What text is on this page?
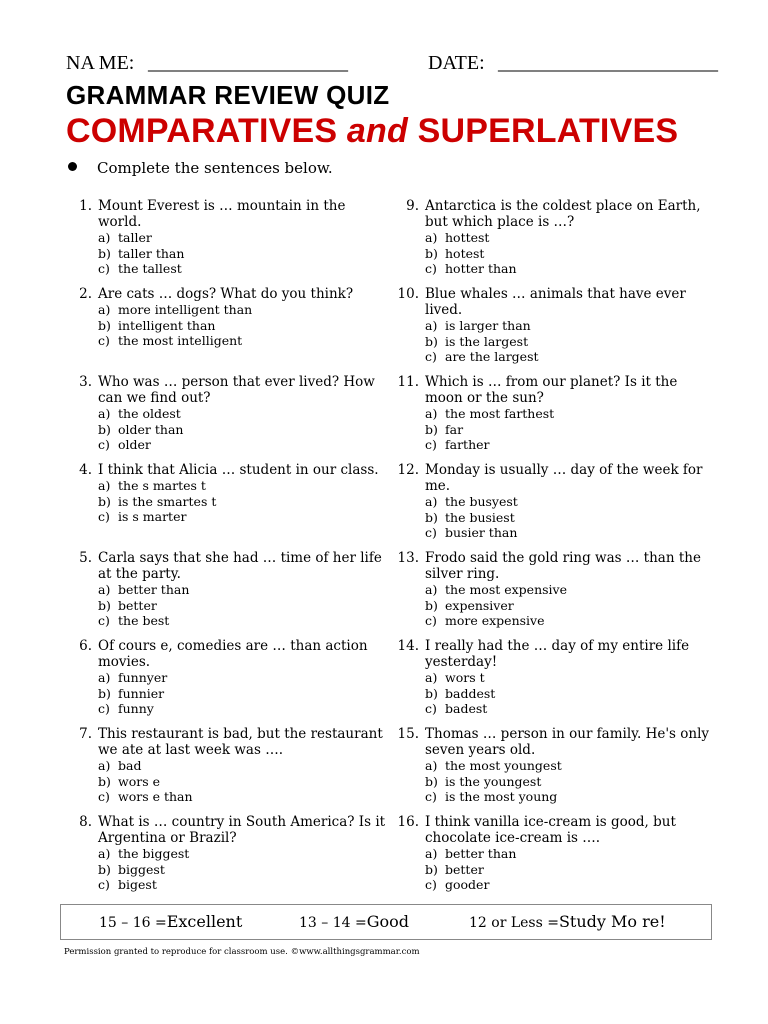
NA ME: ____________________	DATE: ______________________
GRAMMAR REVIEW QUIZ
COMPARATIVES and SUPERLATIVES
Complete the sentences below.
1. Mount Everest is … mountain in the world.
a) taller
b) taller than
c) the tallest
2. Are cats … dogs? What do you think?
a) more intelligent than
b) intelligent than
c) the most intelligent
3. Who was … person that ever lived? How can we find out?
a) the oldest
b) older than
c) older
4. I think that Alicia … student in our class.
a) the s martes t
b) is the smartes t
c) is s marter
5. Carla says that she had … time of her life at the party.
a) better than
b) better
c) the best
6. Of cours e, comedies are … than action movies.
a) funnyer
b) funnier
c) funny
7. This restaurant is bad, but the restaurant we ate at last week was ….
a) bad
b) wors e
c) wors e than
8. What is … country in South America? Is it Argentina or Brazil?
a) the biggest
b) biggest
c) bigest
9. Antarctica is the coldest place on Earth, but which place is …?
a) hottest
b) hotest
c) hotter than
10. Blue whales … animals that have ever lived.
a) is larger than
b) is the largest
c) are the largest
11. Which is … from our planet? Is it the moon or the sun?
a) the most farthest
b) far
c) farther
12. Monday is usually … day of the week for me.
a) the busyest
b) the busiest
c) busier than
13. Frodo said the gold ring was … than the silver ring.
a) the most expensive
b) expensiver
c) more expensive
14. I really had the … day of my entire life yesterday!
a) wors t
b) baddest
c) badest
15. Thomas … person in our family. He's only seven years old.
a) the most youngest
b) is the youngest
c) is the most young
16. I think vanilla ice-cream is good, but chocolate ice-cream is ….
a) better than
b) better
c) gooder
15 – 16 =Excellent	13 – 14 =Good	12 or Less =Study Mo re!
Permission granted to reproduce for classroom use. ©www.allthingsgrammar.com
